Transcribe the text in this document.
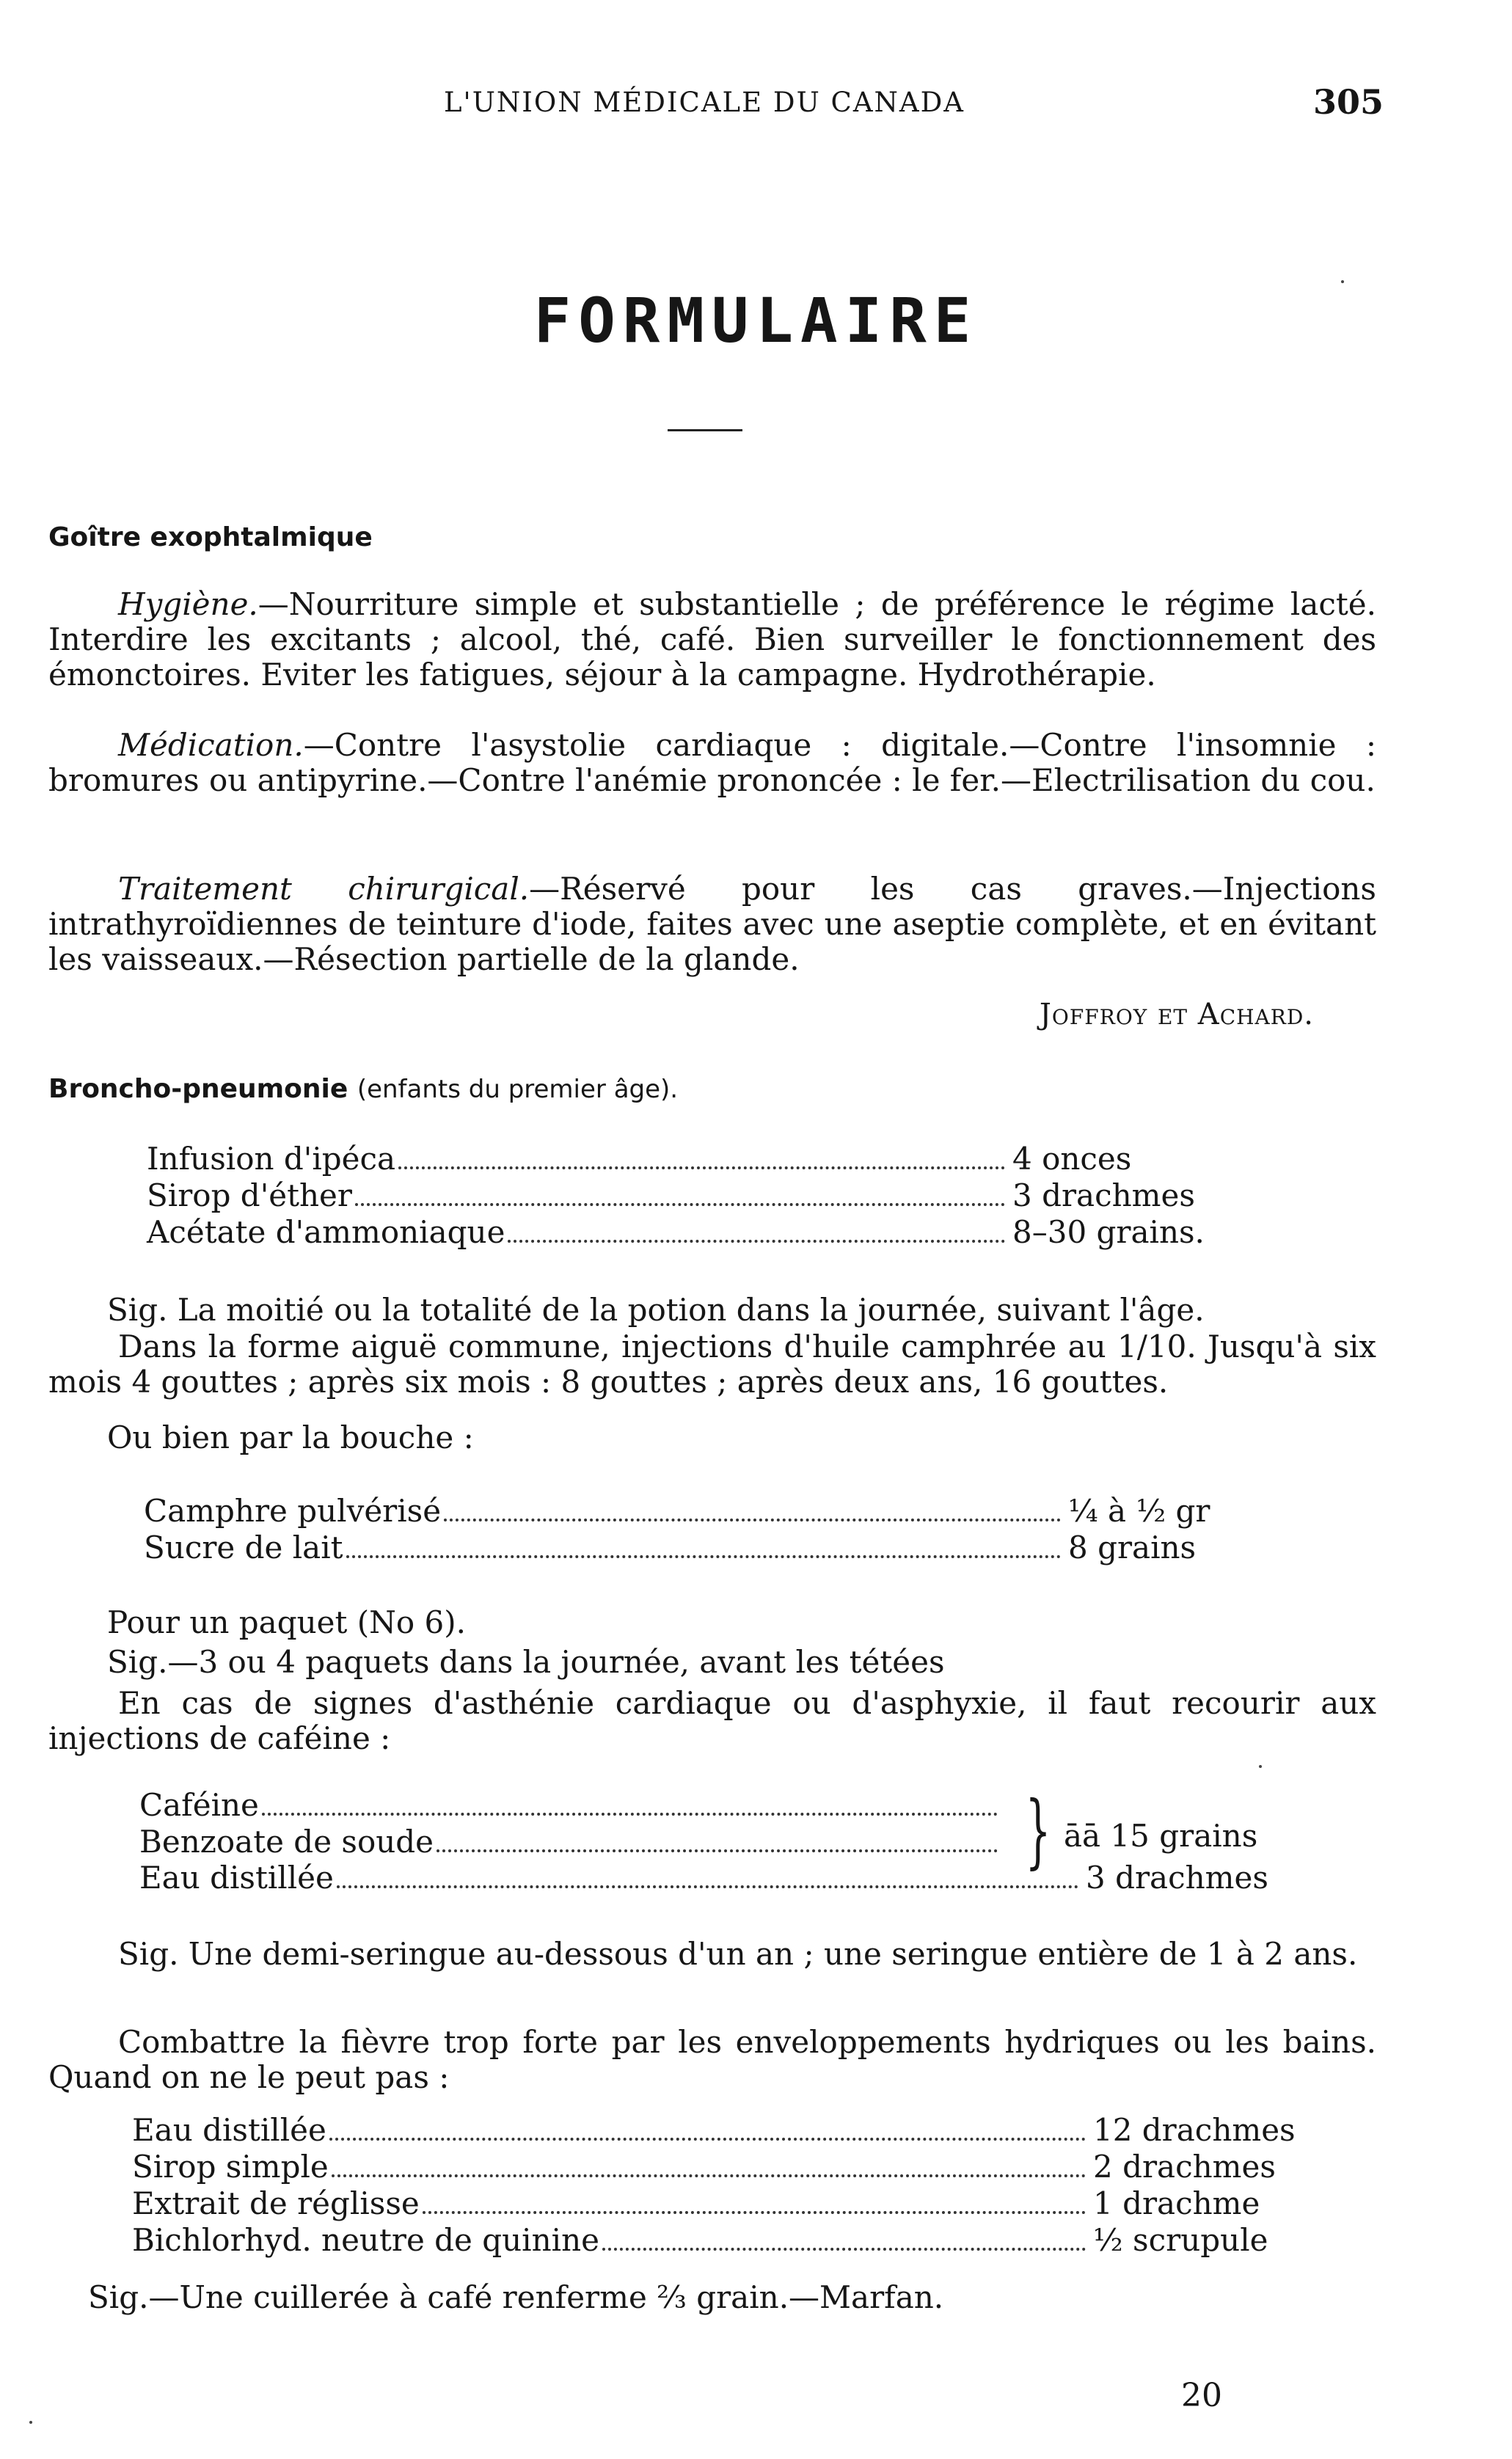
L'UNION MÉDICALE DU CANADA	305
FORMULAIRE
Goître exophtalmique

Hygiène.—Nourriture simple et substantielle ; de préférence le régime lacté. Interdire les excitants ; alcool, thé, café. Bien surveiller le fonctionnement des émonctoires. Eviter les fatigues, séjour à la campagne. Hydrothérapie.

Médication.—Contre l'asystolie cardiaque : digitale.—Contre l'insomnie : bromures ou antipyrine.—Contre l'anémie prononcée : le fer.—Electrilisation du cou.

Traitement chirurgical.—Réservé pour les cas graves.—Injections intrathyroïdiennes de teinture d'iode, faites avec une aseptie complète, et en évitant les vaisseaux.—Résection partielle de la glande.

Joffroy et Achard.
Broncho-pneumonie (enfants du premier âge).
Infusion d'ipéca	4 onces
Sirop d'éther	3 drachmes
Acétate d'ammoniaque	8–30 grains.

Sig. La moitié ou la totalité de la potion dans la journée, suivant l'âge.

Dans la forme aiguë commune, injections d'huile camphrée au 1/10. Jusqu'à six mois 4 gouttes ; après six mois : 8 gouttes ; après deux ans, 16 gouttes.

Ou bien par la bouche :

Camphre pulvérisé	¼ à ½ gr
Sucre de lait	8 grains

Pour un paquet (No 6).

Sig.—3 ou 4 paquets dans la journée, avant les tétées

En cas de signes d'asthénie cardiaque ou d'asphyxie, il faut recourir aux injections de caféine :

Caféine
Benzoate de soude	} āā 15 grains
Eau distillée	3 drachmes

Sig. Une demi-seringue au-dessous d'un an ; une seringue entière de 1 à 2 ans.

Combattre la fièvre trop forte par les enveloppements hydriques ou les bains. Quand on ne le peut pas :

Eau distillée	12 drachmes
Sirop simple	2 drachmes
Extrait de réglisse	1 drachme
Bichlorhyd. neutre de quinine	½ scrupule

Sig.—Une cuillerée à café renferme ⅔ grain.—Marfan.

20
